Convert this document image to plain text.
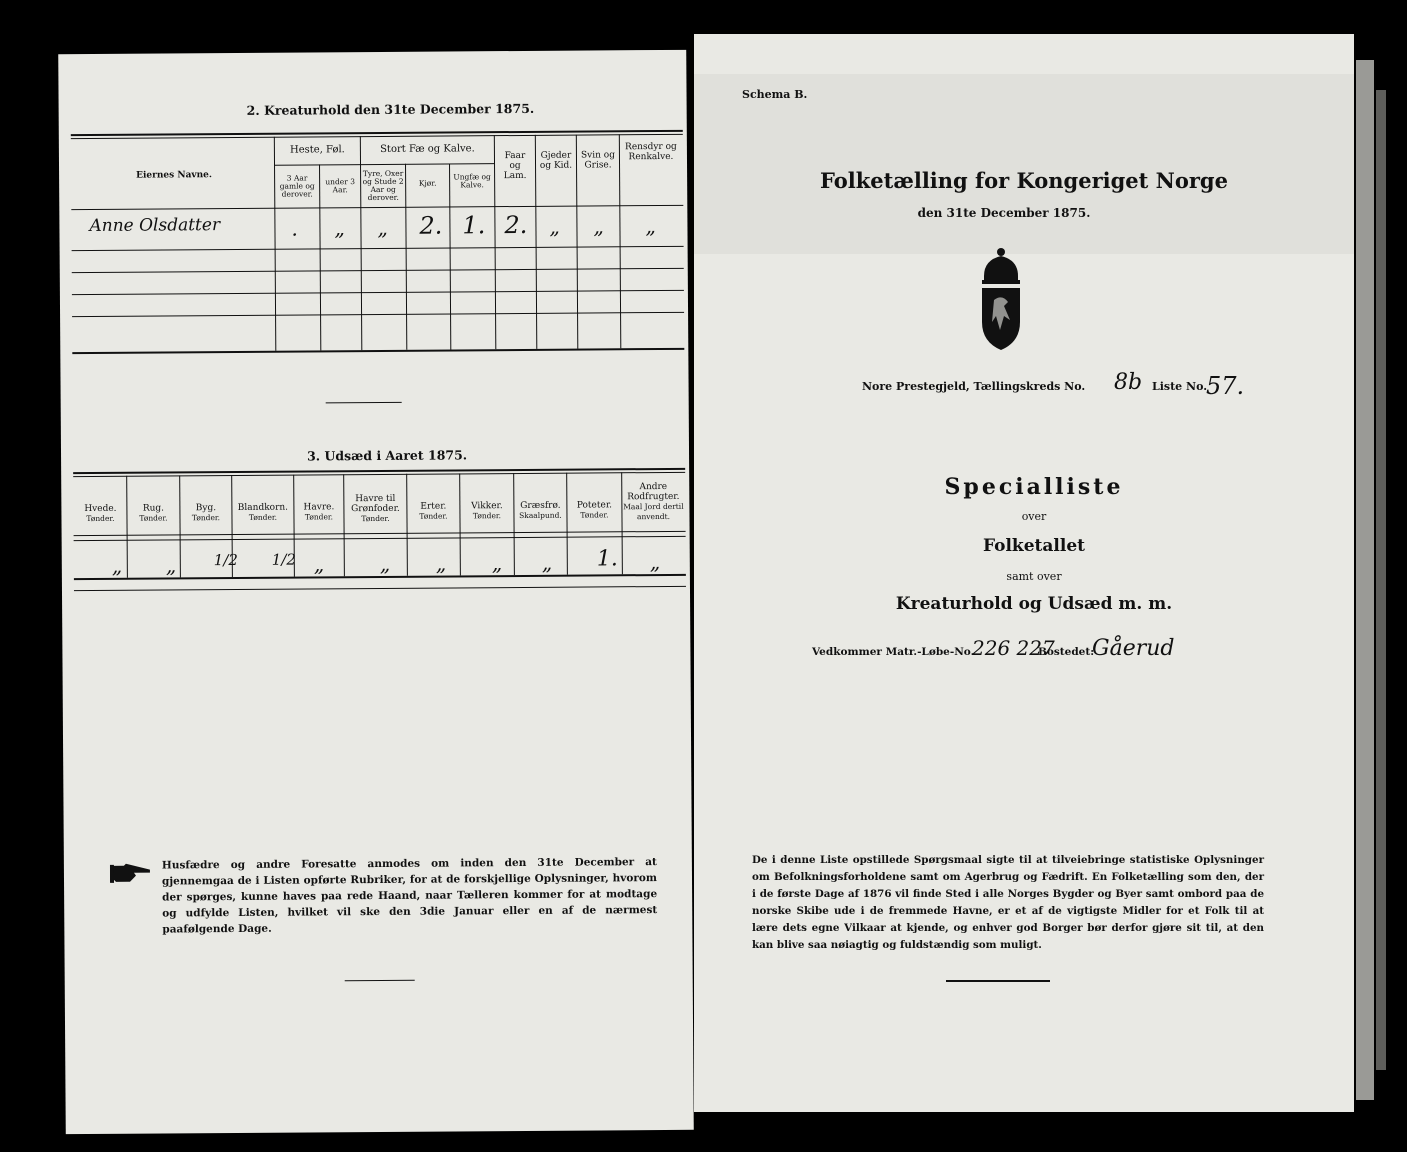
2. Kreaturhold den 31te December 1875.
Eiernes Navne.
Heste, Føl.
3 Aar gamle og derover.
under 3 Aar.
Stort Fæ og Kalve.
Tyre, Oxer og Stude 2 Aar og derover.
Kjør.
Ungfæ og Kalve.
Faar og Lam.
Gjeder og Kid.
Svin og Grise.
Rensdyr og Renkalve.
Anne Olsdatter	. „ „ 2. 1. 2. „ „ „
3. Udsæd i Aaret 1875.
Hvede.
Tønder.
Rug.
Tønder.
Byg.
Tønder.
Blandkorn.
Tønder.
Havre.
Tønder.
Havre til Grønfoder.
Tønder.
Erter.
Tønder.
Vikker.
Tønder.
Græsfrø.
Skaalpund.
Poteter.
Tønder.
Andre Rodfrugter.
Maal Jord dertil anvendt.
„ „ 1/2 1/2 „	„ „ „ „ 1. „
Husfædre og andre Foresatte anmodes om inden den 31te December at gjennemgaa de i Listen opførte Rubriker, for at de forskjellige Oplysninger, hvorom der spørges, kunne haves paa rede Haand, naar Tælleren kommer for at modtage og udfylde Listen, hvilket vil ske den 3die Januar eller en af de nærmest paafølgende Dage.
Schema B.
Folketælling for Kongeriget Norge
den 31te December 1875.
Nore Prestegjeld, Tællingskreds No. 8b Liste No.
57.
Specialliste
over
Folketallet
samt over
Kreaturhold og Udsæd m. m.
Vedkommer Matr.-Løbe-No.
226 227
Bostedet:
Gåerud
De i denne Liste opstillede Spørgsmaal sigte til at tilveiebringe statistiske Oplysninger om Befolkningsforholdene samt om Agerbrug og Fædrift. En Folketælling som den, der i de første Dage af 1876 vil finde Sted i alle Norges Bygder og Byer samt ombord paa de norske Skibe ude i de fremmede Havne, er et af de vigtigste Midler for et Folk til at lære dets egne Vilkaar at kjende, og enhver god Borger bør derfor gjøre sit til, at den kan blive saa nøiagtig og fuldstændig som muligt.
